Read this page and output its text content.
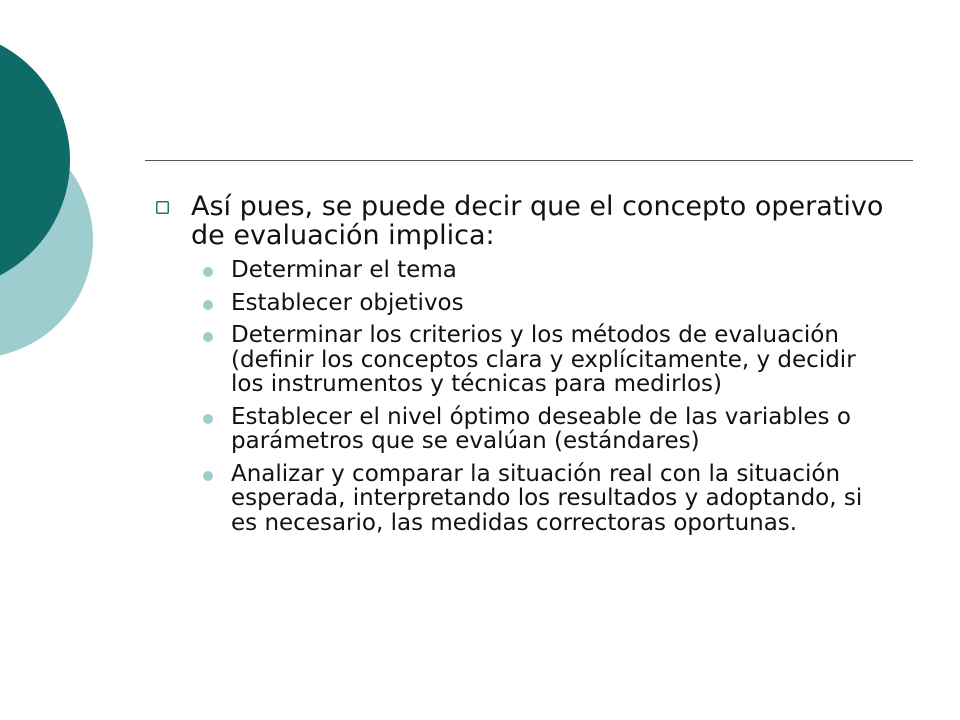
Así pues, se puede decir que el concepto operativo de evaluación implica:
Determinar el tema
Establecer objetivos
Determinar los criterios y los métodos de evaluación (definir los conceptos clara y explícitamente, y decidir los instrumentos y técnicas para medirlos)
Establecer el nivel óptimo deseable de las variables o parámetros que se evalúan (estándares)
Analizar y comparar la situación real con la situación esperada, interpretando los resultados y adoptando, si es necesario, las medidas correctoras oportunas.
